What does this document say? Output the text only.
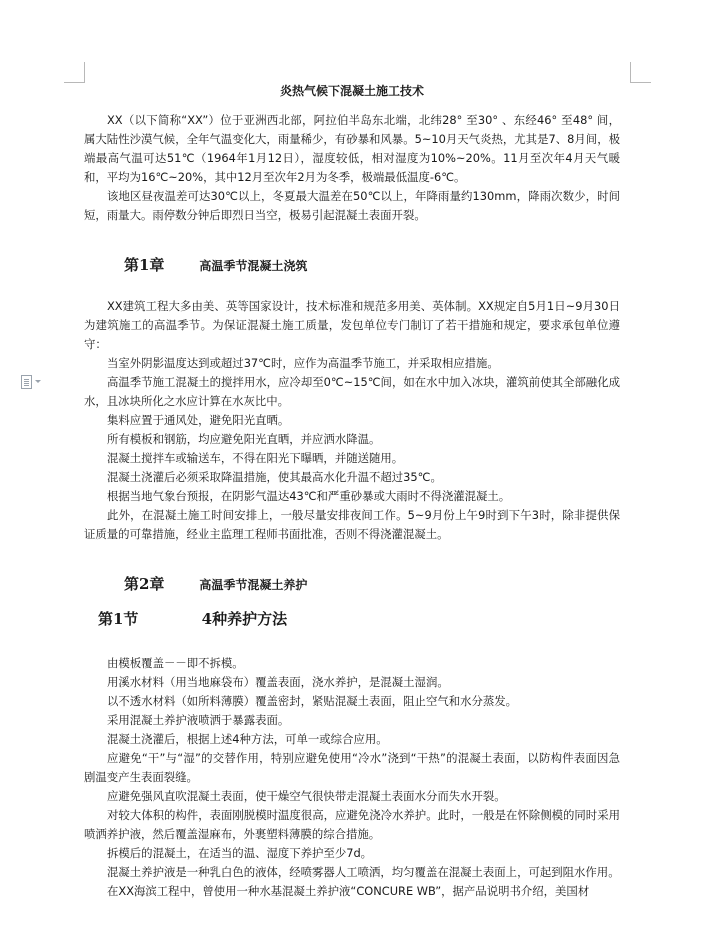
炎热气候下混凝土施工技术

XX（以下简称“XX”）位于亚洲西北部，阿拉伯半岛东北端，北纬28° 至30° 、东经46° 至48° 间，属大陆性沙漠气候，全年气温变化大，雨量稀少，有砂暴和风暴。5~10月天气炎热，尤其是7、8月间，极端最高气温可达51℃（1964年1月12日），湿度较低，相对湿度为10%~20%。11月至次年4月天气暖和，平均为16℃~20%，其中12月至次年2月为冬季，极端最低温度-6℃。

该地区昼夜温差可达30℃以上，冬夏最大温差在50℃以上，年降雨量约130mm，降雨次数少，时间短，雨量大。雨停数分钟后即烈日当空，极易引起混凝土表面开裂。

第1章	高温季节混凝土浇筑

XX建筑工程大多由美、英等国家设计，技术标准和规范多用美、英体制。XX规定自5月1日~9月30日为建筑施工的高温季节。为保证混凝土施工质量，发包单位专门制订了若干措施和规定，要求承包单位遵守：

当室外阴影温度达到或超过37℃时，应作为高温季节施工，并采取相应措施。

高温季节施工混凝土的搅拌用水，应冷却至0℃~15℃间，如在水中加入冰块，灌筑前使其全部融化成水，且冰块所化之水应计算在水灰比中。

集料应置于通风处，避免阳光直晒。

所有模板和钢筋，均应避免阳光直晒，并应洒水降温。

混凝土搅拌车或输送车，不得在阳光下曝晒，并随送随用。

混凝土浇灌后必须采取降温措施，使其最高水化升温不超过35℃。

根据当地气象台预报，在阴影气温达43℃和严重砂暴或大雨时不得浇灌混凝土。

此外，在混凝土施工时间安排上，一般尽量安排夜间工作。5~9月份上午9时到下午3时，除非提供保证质量的可靠措施，经业主监理工程师书面批准，否则不得浇灌混凝土。

第2章	高温季节混凝土养护
第1节	4种养护方法

由模板覆盖－－即不拆模。

用溪水材料（用当地麻袋布）覆盖表面，浇水养护，是混凝土湿润。

以不透水材料（如所料薄膜）覆盖密封，紧贴混凝土表面，阻止空气和水分蒸发。

采用混凝土养护液喷洒于暴露表面。

混凝土浇灌后，根据上述4种方法，可单一或综合应用。

应避免“干”与“湿”的交替作用，特别应避免使用“冷水”浇到“干热”的混凝土表面，以防构件表面因急剧温变产生表面裂缝。

应避免强风直吹混凝土表面，使干燥空气很快带走混凝土表面水分而失水开裂。

对较大体积的构件，表面刚脱模时温度很高，应避免浇冷水养护。此时，一般是在怀除侧模的同时采用喷洒养护液，然后覆盖湿麻布，外裹塑料薄膜的综合措施。

拆模后的混凝土，在适当的温、湿度下养护至少7d。

混凝土养护液是一种乳白色的液体，经喷雾器人工喷洒，均匀覆盖在混凝土表面上，可起到阻水作用。

在XX海滨工程中，曾使用一种水基混凝土养护液“CONCURE WB”，据产品说明书介绍，美国材
